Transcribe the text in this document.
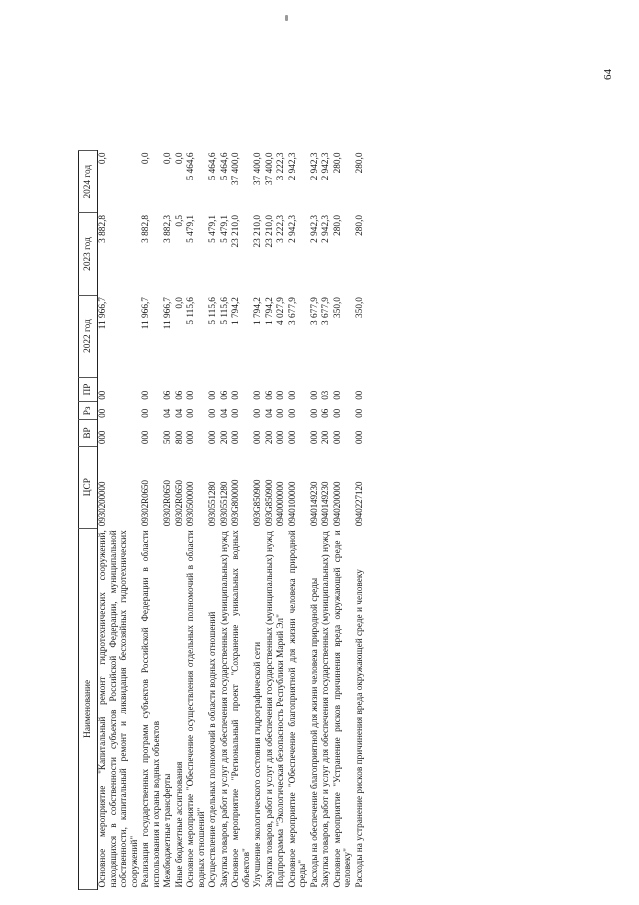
64
Наименование	ЦСР	ВР	Рз	ПР	2022 год	2023 год	2024 год
Основное мероприятие "Капитальный ремонт гидротехнических сооружений, находящихся в собственности субъектов Российской Федерации, муниципальной собственности, капитальный ремонт и ликвидация бесхозяйных гидротехнических сооружений"	0930200000	000	00	00	11 966,7	3 882,8	0,0
Реализация государственных программ субъектов Российской Федерации в области использования и охраны водных объектов	09302R0650	000	00	00	11 966,7	3 882,8	0,0
Межбюджетные трансферты	09302R0650	500	04	06	11 966,7	3 882,3	0,0
Иные бюджетные ассигнования	09302R0650	800	04	06	0,0	0,5	0,0
Основное мероприятие "Обеспечение осуществления отдельных полномочий в области водных отношений"	0930500000	000	00	00	5 115,6	5 479,1	5 464,6
Осуществление отдельных полномочий в области водных отношений	0930551280	000	00	00	5 115,6	5 479,1	5 464,6
Закупка товаров, работ и услуг для обеспечения государственных (муниципальных) нужд	0930551280	200	04	06	5 115,6	5 479,1	5 464,6
Основное мероприятие "Региональный проект "Сохранение уникальных водных объектов"	093G800000	000	00	00	1 794,2	23 210,0	37 400,0
Улучшение экологического состояния гидрографической сети	093G850900	000	00	00	1 794,2	23 210,0	37 400,0
Закупка товаров, работ и услуг для обеспечения государственных (муниципальных) нужд	093G850900	200	04	06	1 794,2	23 210,0	37 400,0
Подпрограмма "Экологическая безопасность Республики Марий Эл"	0940000000	000	00	00	4 027,9	3 222,3	3 222,3
Основное мероприятие "Обеспечение благоприятной для жизни человека природной среды"	0940100000	000	00	00	3 677,9	2 942,3	2 942,3
Расходы на обеспечение благоприятной для жизни человека природной среды	0940149230	000	00	00	3 677,9	2 942,3	2 942,3
Закупка товаров, работ и услуг для обеспечения государственных (муниципальных) нужд	0940149230	200	06	03	3 677,9	2 942,3	2 942,3
Основное мероприятие "Устранение рисков причинения вреда окружающей среде и человеку"	0940200000	000	00	00	350,0	280,0	280,0
Расходы на устранение рисков причинения вреда окружающей среде и человеку	0940227120	000	00	00	350,0	280,0	280,0
